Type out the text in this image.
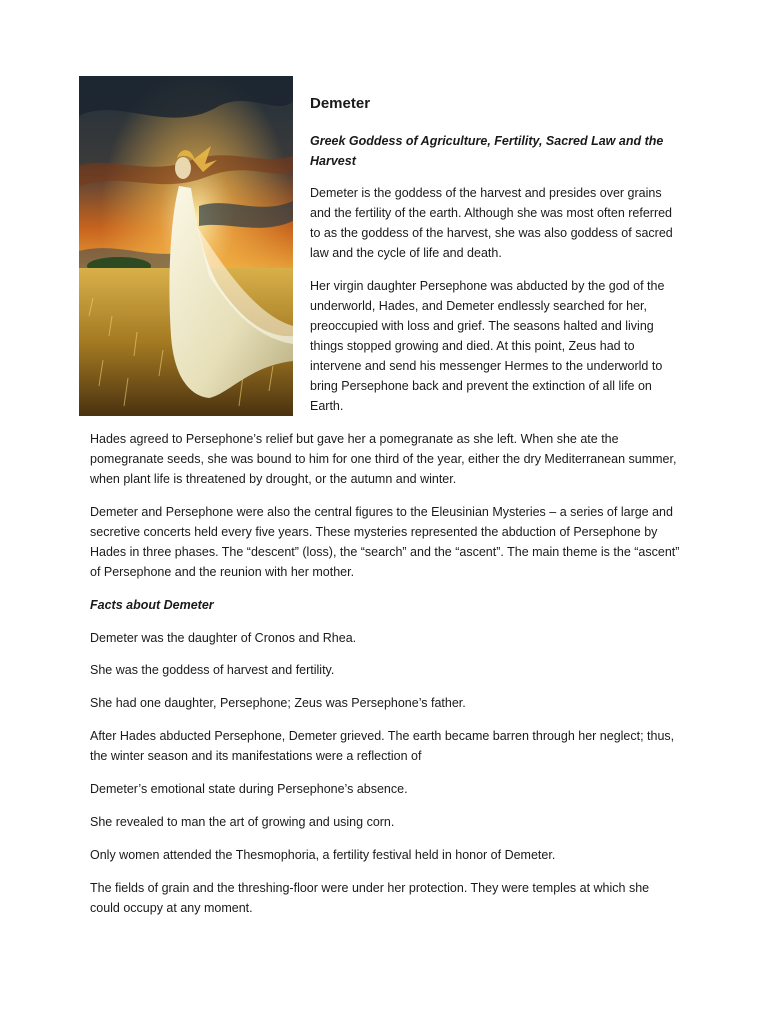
Demeter

Greek Goddess of Agriculture, Fertility, Sacred Law and the Harvest

Demeter is the goddess of the harvest and presides over grains and the fertility of the earth. Although she was most often referred to as the goddess of the harvest, she was also goddess of sacred law and the cycle of life and death.

Her virgin daughter Persephone was abducted by the god of the underworld, Hades, and Demeter endlessly searched for her, preoccupied with loss and grief. The seasons halted and living things stopped growing and died. At this point, Zeus had to intervene and send his messenger Hermes to the underworld to bring Persephone back and prevent the extinction of all life on Earth.

Hades agreed to Persephone’s relief but gave her a pomegranate as she left. When she ate the pomegranate seeds, she was bound to him for one third of the year, either the dry Mediterranean summer, when plant life is threatened by drought, or the autumn and winter.

Demeter and Persephone were also the central figures to the Eleusinian Mysteries – a series of large and secretive concerts held every five years. These mysteries represented the abduction of Persephone by Hades in three phases. The “descent” (loss), the “search” and the “ascent”. The main theme is the “ascent” of Persephone and the reunion with her mother.

Facts about Demeter

Demeter was the daughter of Cronos and Rhea.

She was the goddess of harvest and fertility.

She had one daughter, Persephone; Zeus was Persephone’s father.

After Hades abducted Persephone, Demeter grieved. The earth became barren through her neglect; thus, the winter season and its manifestations were a reflection of

Demeter’s emotional state during Persephone’s absence.

She revealed to man the art of growing and using corn.

Only women attended the Thesmophoria, a fertility festival held in honor of Demeter.

The fields of grain and the threshing-floor were under her protection. They were temples at which she could occupy at any moment.
